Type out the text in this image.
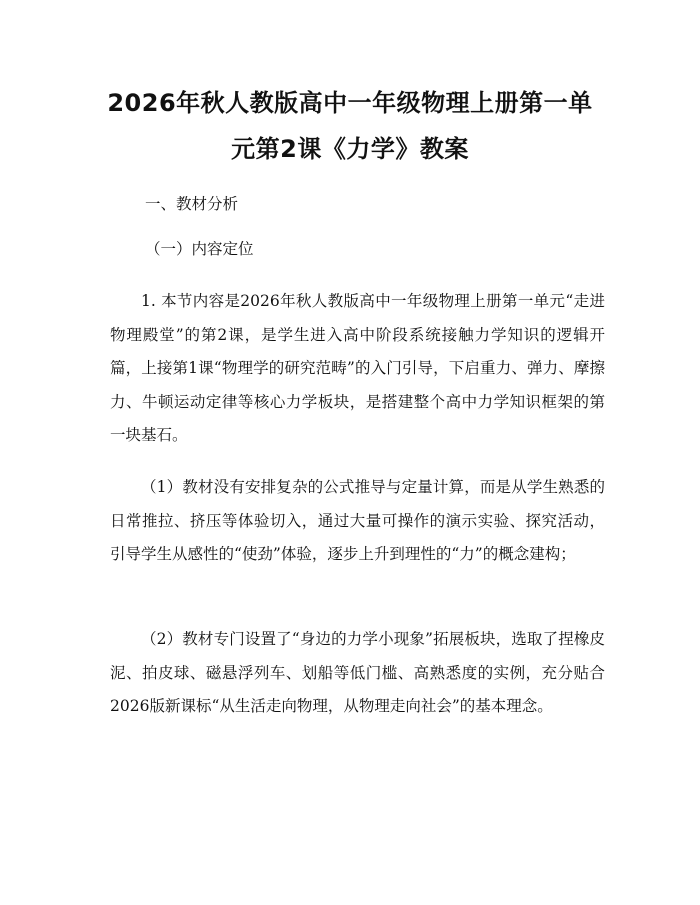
2026年秋人教版高中一年级物理上册第一单
元第2课《力学》教案

一、教材分析

（一）内容定位

1. 本节内容是2026年秋人教版高中一年级物理上册第一单元“走进物理殿堂”的第2课，是学生进入高中阶段系统接触力学知识的逻辑开篇，上接第1课“物理学的研究范畴”的入门引导，下启重力、弹力、摩擦力、牛顿运动定律等核心力学板块，是搭建整个高中力学知识框架的第一块基石。

（1）教材没有安排复杂的公式推导与定量计算，而是从学生熟悉的日常推拉、挤压等体验切入，通过大量可操作的演示实验、探究活动，引导学生从感性的“使劲”体验，逐步上升到理性的“力”的概念建构；

（2）教材专门设置了“身边的力学小现象”拓展板块，选取了捏橡皮泥、拍皮球、磁悬浮列车、划船等低门槛、高熟悉度的实例，充分贴合2026版新课标“从生活走向物理，从物理走向社会”的基本理念。
